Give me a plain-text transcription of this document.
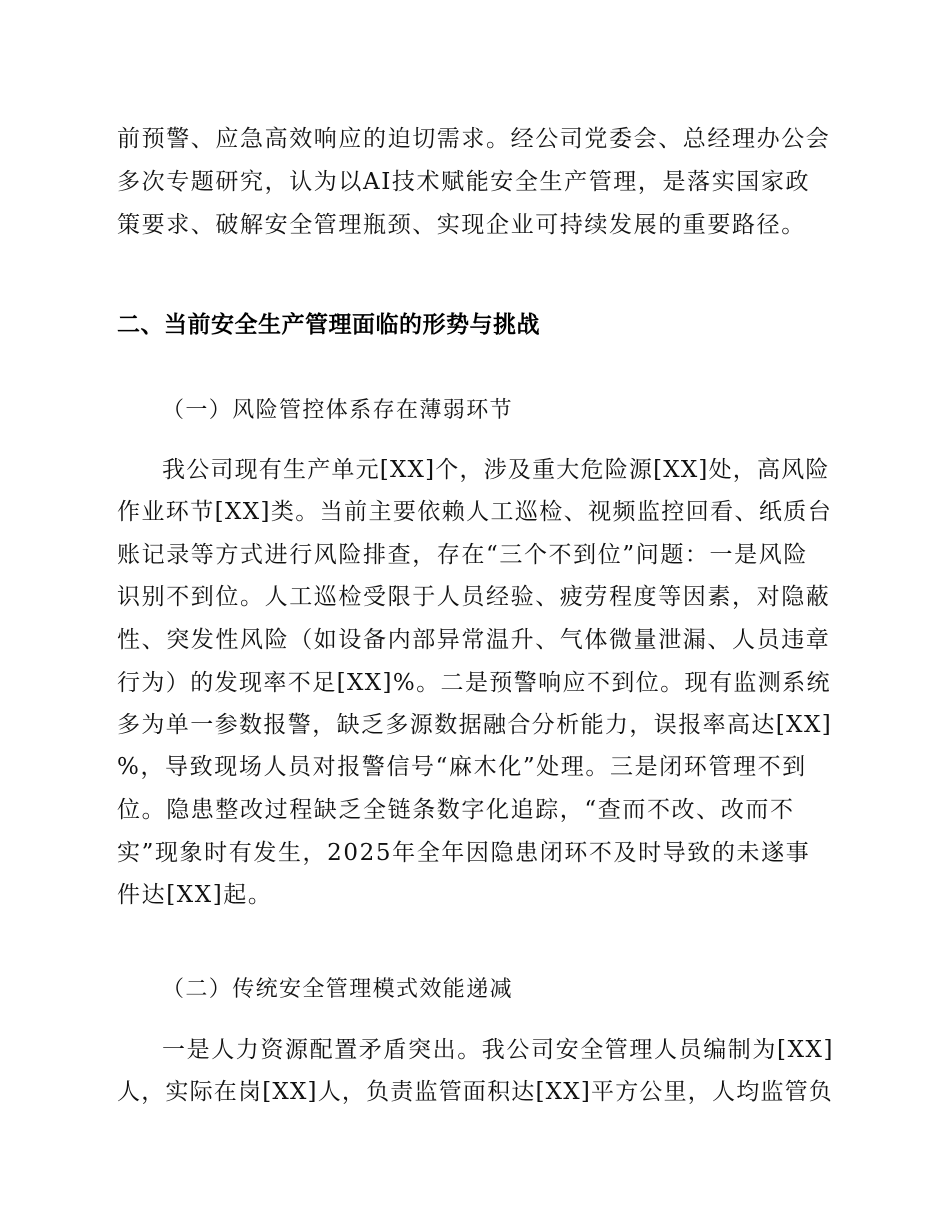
前预警、应急高效响应的迫切需求。经公司党委会、总经理办公会
多次专题研究，认为以AI技术赋能安全生产管理，是落实国家政
策要求、破解安全管理瓶颈、实现企业可持续发展的重要路径。
二、当前安全生产管理面临的形势与挑战
（一）风险管控体系存在薄弱环节
我公司现有生产单元[XX]个，涉及重大危险源[XX]处，高风险
作业环节[XX]类。当前主要依赖人工巡检、视频监控回看、纸质台
账记录等方式进行风险排查，存在“三个不到位”问题：一是风险
识别不到位。人工巡检受限于人员经验、疲劳程度等因素，对隐蔽
性、突发性风险（如设备内部异常温升、气体微量泄漏、人员违章
行为）的发现率不足[XX]%。二是预警响应不到位。现有监测系统
多为单一参数报警，缺乏多源数据融合分析能力，误报率高达[XX]
%，导致现场人员对报警信号“麻木化”处理。三是闭环管理不到
位。隐患整改过程缺乏全链条数字化追踪，“查而不改、改而不
实”现象时有发生，2025年全年因隐患闭环不及时导致的未遂事
件达[XX]起。
（二）传统安全管理模式效能递减
一是人力资源配置矛盾突出。我公司安全管理人员编制为[XX]
人，实际在岗[XX]人，负责监管面积达[XX]平方公里，人均监管负
